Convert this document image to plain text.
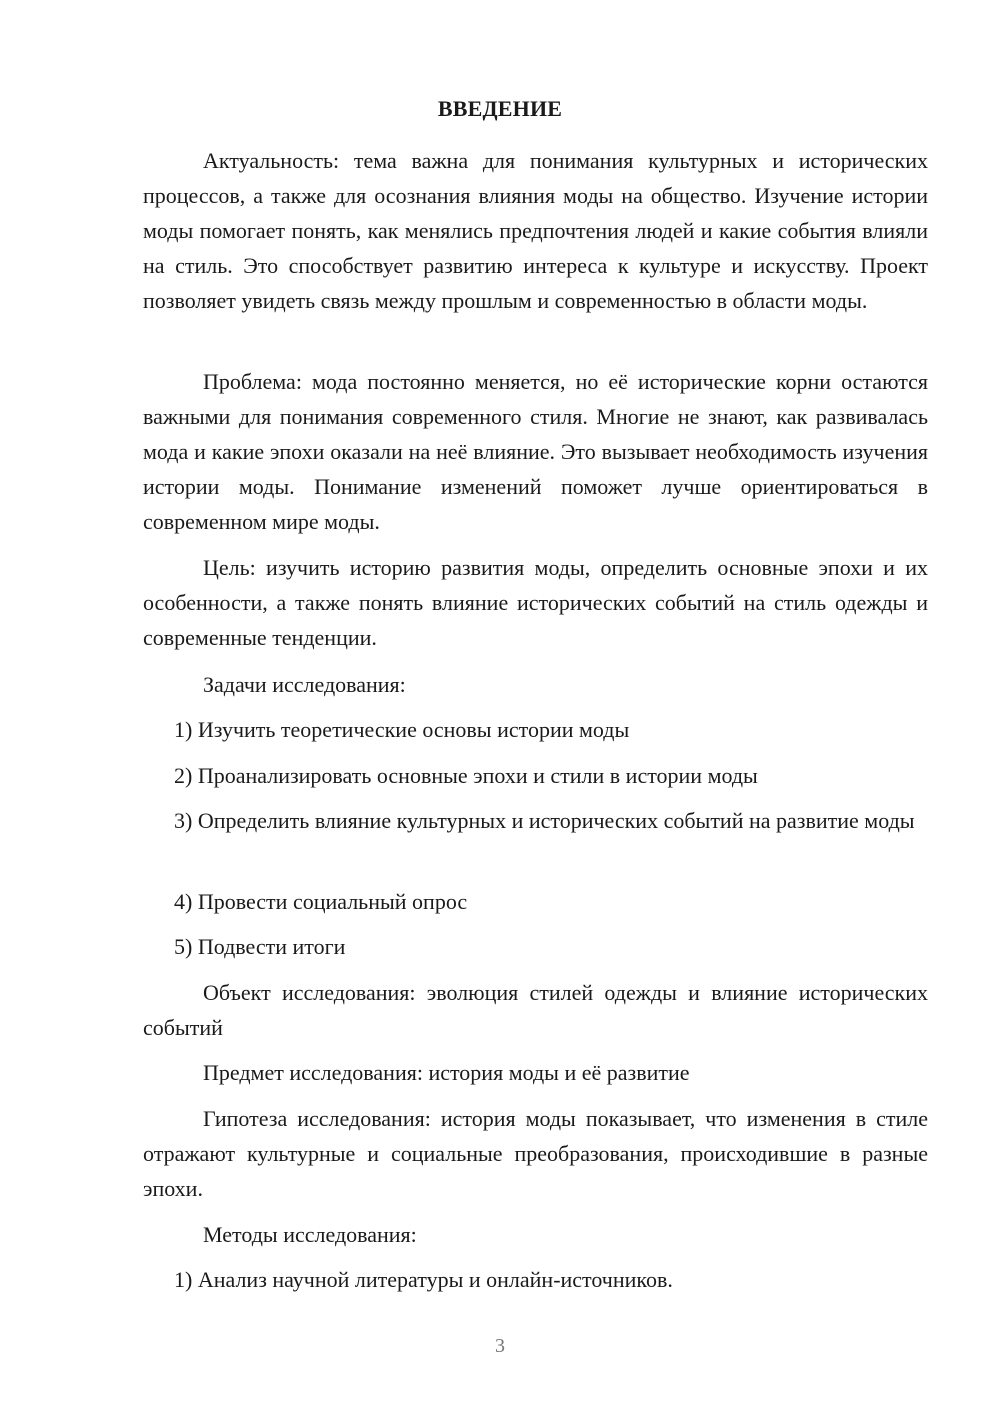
ВВЕДЕНИЕ

Актуальность: тема важна для понимания культурных и исторических процессов, а также для осознания влияния моды на общество. Изучение истории моды помогает понять, как менялись предпочтения людей и какие события влияли на стиль. Это способствует развитию интереса к культуре и искусству. Проект позволяет увидеть связь между прошлым и современностью в области моды.

Проблема: мода постоянно меняется, но её исторические корни остаются важными для понимания современного стиля. Многие не знают, как развивалась мода и какие эпохи оказали на неё влияние. Это вызывает необходимость изучения истории моды. Понимание изменений поможет лучше ориентироваться в современном мире моды.

Цель: изучить историю развития моды, определить основные эпохи и их особенности, а также понять влияние исторических событий на стиль одежды и современные тенденции.

Задачи исследования:

1) Изучить теоретические основы истории моды

2) Проанализировать основные эпохи и стили в истории моды

3) Определить влияние культурных и исторических событий на развитие моды

4) Провести социальный опрос

5) Подвести итоги

Объект исследования: эволюция стилей одежды и влияние исторических событий

Предмет исследования: история моды и её развитие

Гипотеза исследования: история моды показывает, что изменения в стиле отражают культурные и социальные преобразования, происходившие в разные эпохи.

Методы исследования:

1) Анализ научной литературы и онлайн-источников.

3
